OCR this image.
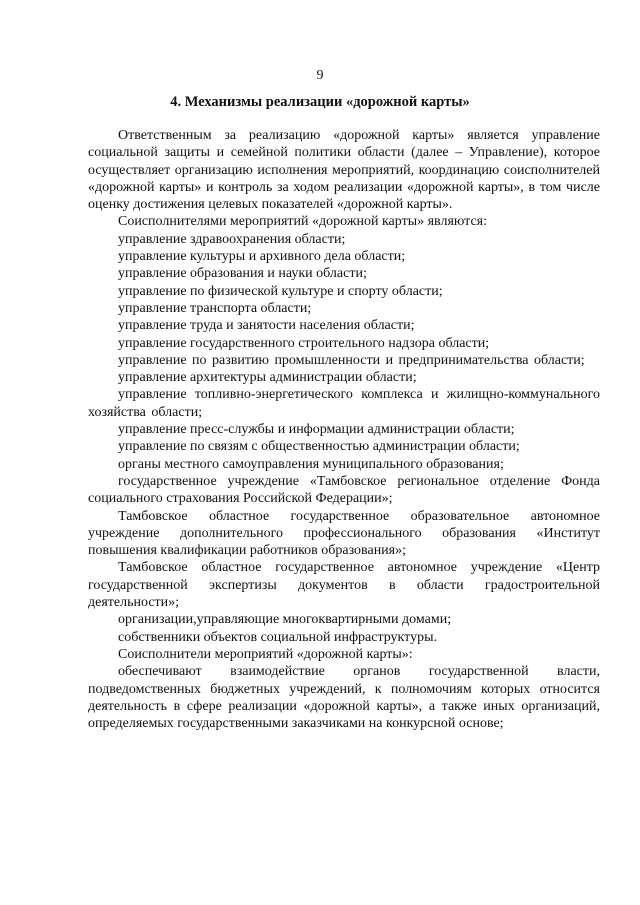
9
4. Механизмы реализации «дорожной карты»

Ответственным за реализацию «дорожной карты» является управление социальной защиты и семейной политики области (далее – Управление), которое осуществляет организацию исполнения мероприятий, координацию соисполнителей «дорожной карты» и контроль за ходом реализации «дорожной карты», в том числе оценку достижения целевых показателей «дорожной карты».

Соисполнителями мероприятий «дорожной карты» являются:

управление здравоохранения области;

управление культуры и архивного дела области;

управление образования и науки области;

управление по физической культуре и спорту области;

управление транспорта области;

управление труда и занятости населения области;

управление государственного строительного надзора области;

управление по развитию промышленности и предпринимательства области;

управление архитектуры администрации области;

управление топливно-энергетического комплекса и жилищно-коммунального хозяйства области;

управление пресс-службы и информации администрации области;

управление по связям с общественностью администрации области;

органы местного самоуправления муниципального образования;

государственное учреждение «Тамбовское региональное отделение Фонда социального страхования Российской Федерации»;

Тамбовское областное государственное образовательное автономное учреждение дополнительного профессионального образования «Институт повышения квалификации работников образования»;

Тамбовское областное государственное автономное учреждение «Центр государственной экспертизы документов в области градостроительной деятельности»;

организации,управляющие многоквартирными домами;

собственники объектов социальной инфраструктуры.

Соисполнители мероприятий «дорожной карты»:

обеспечивают взаимодействие органов государственной власти, подведомственных бюджетных учреждений, к полномочиям которых относится деятельность в сфере реализации «дорожной карты», а также иных организаций, определяемых государственными заказчиками на конкурсной основе;
